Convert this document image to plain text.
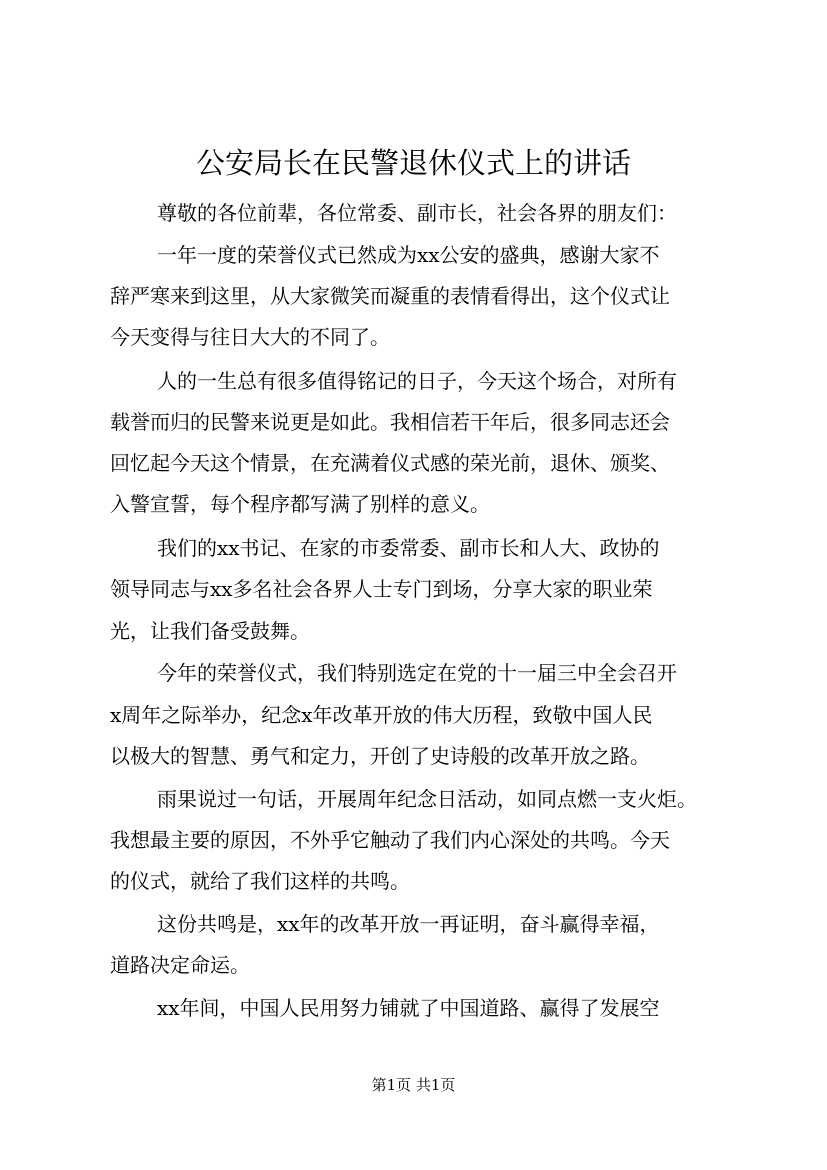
公安局长在民警退休仪式上的讲话
尊敬的各位前辈，各位常委、副市长，社会各界的朋友们：
一年一度的荣誉仪式已然成为xx公安的盛典，感谢大家不
辞严寒来到这里，从大家微笑而凝重的表情看得出，这个仪式让
今天变得与往日大大的不同了。
人的一生总有很多值得铭记的日子，今天这个场合，对所有
载誉而归的民警来说更是如此。我相信若干年后，很多同志还会
回忆起今天这个情景，在充满着仪式感的荣光前，退休、颁奖、
入警宣誓，每个程序都写满了别样的意义。
我们的xx书记、在家的市委常委、副市长和人大、政协的
领导同志与xx多名社会各界人士专门到场，分享大家的职业荣
光，让我们备受鼓舞。
今年的荣誉仪式，我们特别选定在党的十一届三中全会召开
x周年之际举办，纪念x年改革开放的伟大历程，致敬中国人民
以极大的智慧、勇气和定力，开创了史诗般的改革开放之路。
雨果说过一句话，开展周年纪念日活动，如同点燃一支火炬。
我想最主要的原因，不外乎它触动了我们内心深处的共鸣。今天
的仪式，就给了我们这样的共鸣。
这份共鸣是，xx年的改革开放一再证明，奋斗赢得幸福，
道路决定命运。
xx年间，中国人民用努力铺就了中国道路、赢得了发展空
第1页 共1页
